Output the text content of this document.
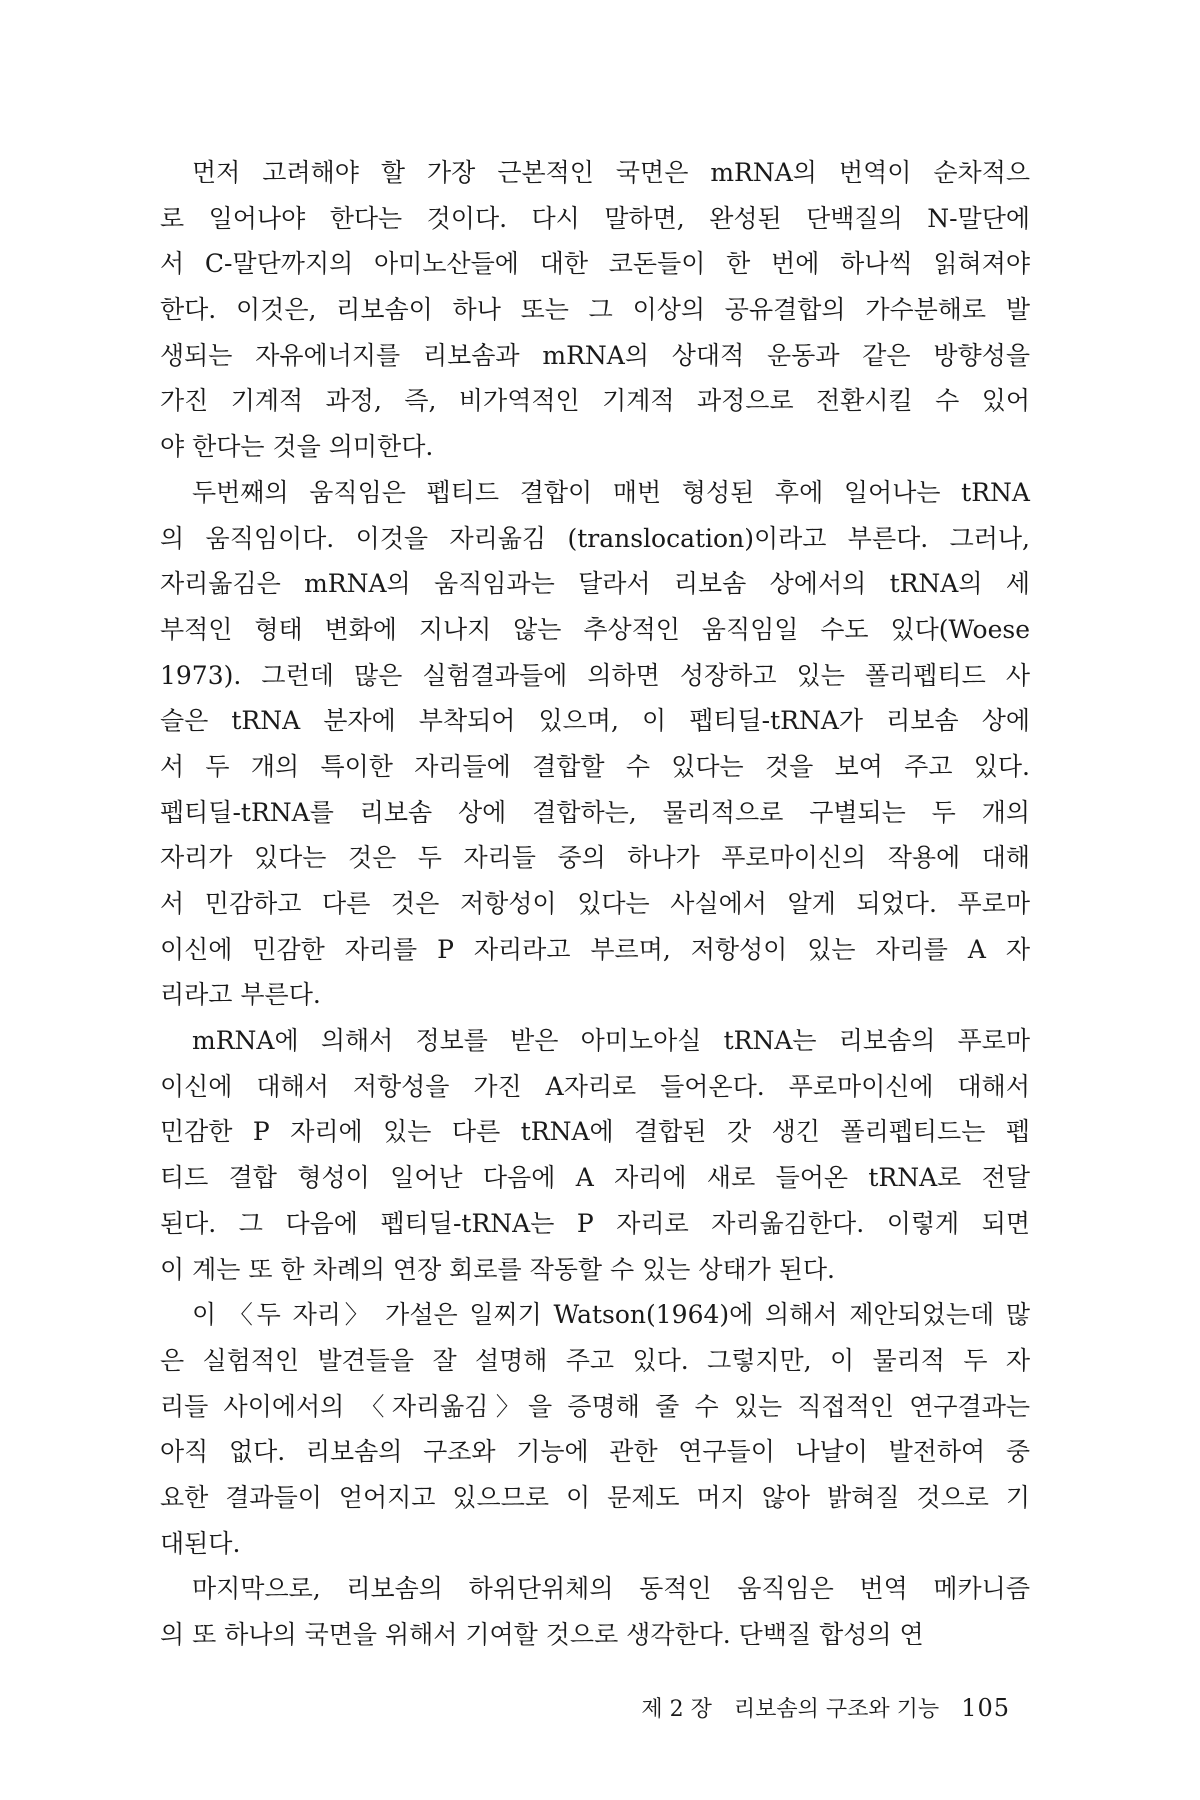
먼저 고려해야 할 가장 근본적인 국면은 mRNA의 번역이 순차적으
로 일어나야 한다는 것이다. 다시 말하면, 완성된 단백질의 N-말단에
서 C-말단까지의 아미노산들에 대한 코돈들이 한 번에 하나씩 읽혀져야
한다. 이것은, 리보솜이 하나 또는 그 이상의 공유결합의 가수분해로 발
생되는 자유에너지를 리보솜과 mRNA의 상대적 운동과 같은 방향성을
가진 기계적 과정, 즉, 비가역적인 기계적 과정으로 전환시킬 수 있어
야 한다는 것을 의미한다.
두번째의 움직임은 펩티드 결합이 매번 형성된 후에 일어나는 tRNA
의 움직임이다. 이것을 자리옮김 (translocation)이라고 부른다. 그러나,
자리옮김은 mRNA의 움직임과는 달라서 리보솜 상에서의 tRNA의 세
부적인 형태 변화에 지나지 않는 추상적인 움직임일 수도 있다(Woese
1973). 그런데 많은 실험결과들에 의하면 성장하고 있는 폴리펩티드 사
슬은 tRNA 분자에 부착되어 있으며, 이 펩티딜-tRNA가 리보솜 상에
서 두 개의 특이한 자리들에 결합할 수 있다는 것을 보여 주고 있다.
펩티딜-tRNA를 리보솜 상에 결합하는, 물리적으로 구별되는 두 개의
자리가 있다는 것은 두 자리들 중의 하나가 푸로마이신의 작용에 대해
서 민감하고 다른 것은 저항성이 있다는 사실에서 알게 되었다. 푸로마
이신에 민감한 자리를 P 자리라고 부르며, 저항성이 있는 자리를 A 자
리라고 부른다.
mRNA에 의해서 정보를 받은 아미노아실 tRNA는 리보솜의 푸로마
이신에 대해서 저항성을 가진 A자리로 들어온다. 푸로마이신에 대해서
민감한 P 자리에 있는 다른 tRNA에 결합된 갓 생긴 폴리펩티드는 펩
티드 결합 형성이 일어난 다음에 A 자리에 새로 들어온 tRNA로 전달
된다. 그 다음에 펩티딜-tRNA는 P 자리로 자리옮김한다. 이렇게 되면
이 계는 또 한 차례의 연장 회로를 작동할 수 있는 상태가 된다.
이 〈두 자리〉 가설은 일찌기 Watson(1964)에 의해서 제안되었는데 많
은 실험적인 발견들을 잘 설명해 주고 있다. 그렇지만, 이 물리적 두 자
리들 사이에서의 〈자리옮김〉을 증명해 줄 수 있는 직접적인 연구결과는
아직 없다. 리보솜의 구조와 기능에 관한 연구들이 나날이 발전하여 중
요한 결과들이 얻어지고 있으므로 이 문제도 머지 않아 밝혀질 것으로 기
대된다.
마지막으로, 리보솜의 하위단위체의 동적인 움직임은 번역 메카니즘
의 또 하나의 국면을 위해서 기여할 것으로 생각한다. 단백질 합성의 연
제 2 장 리보솜의 구조와 기능 105
